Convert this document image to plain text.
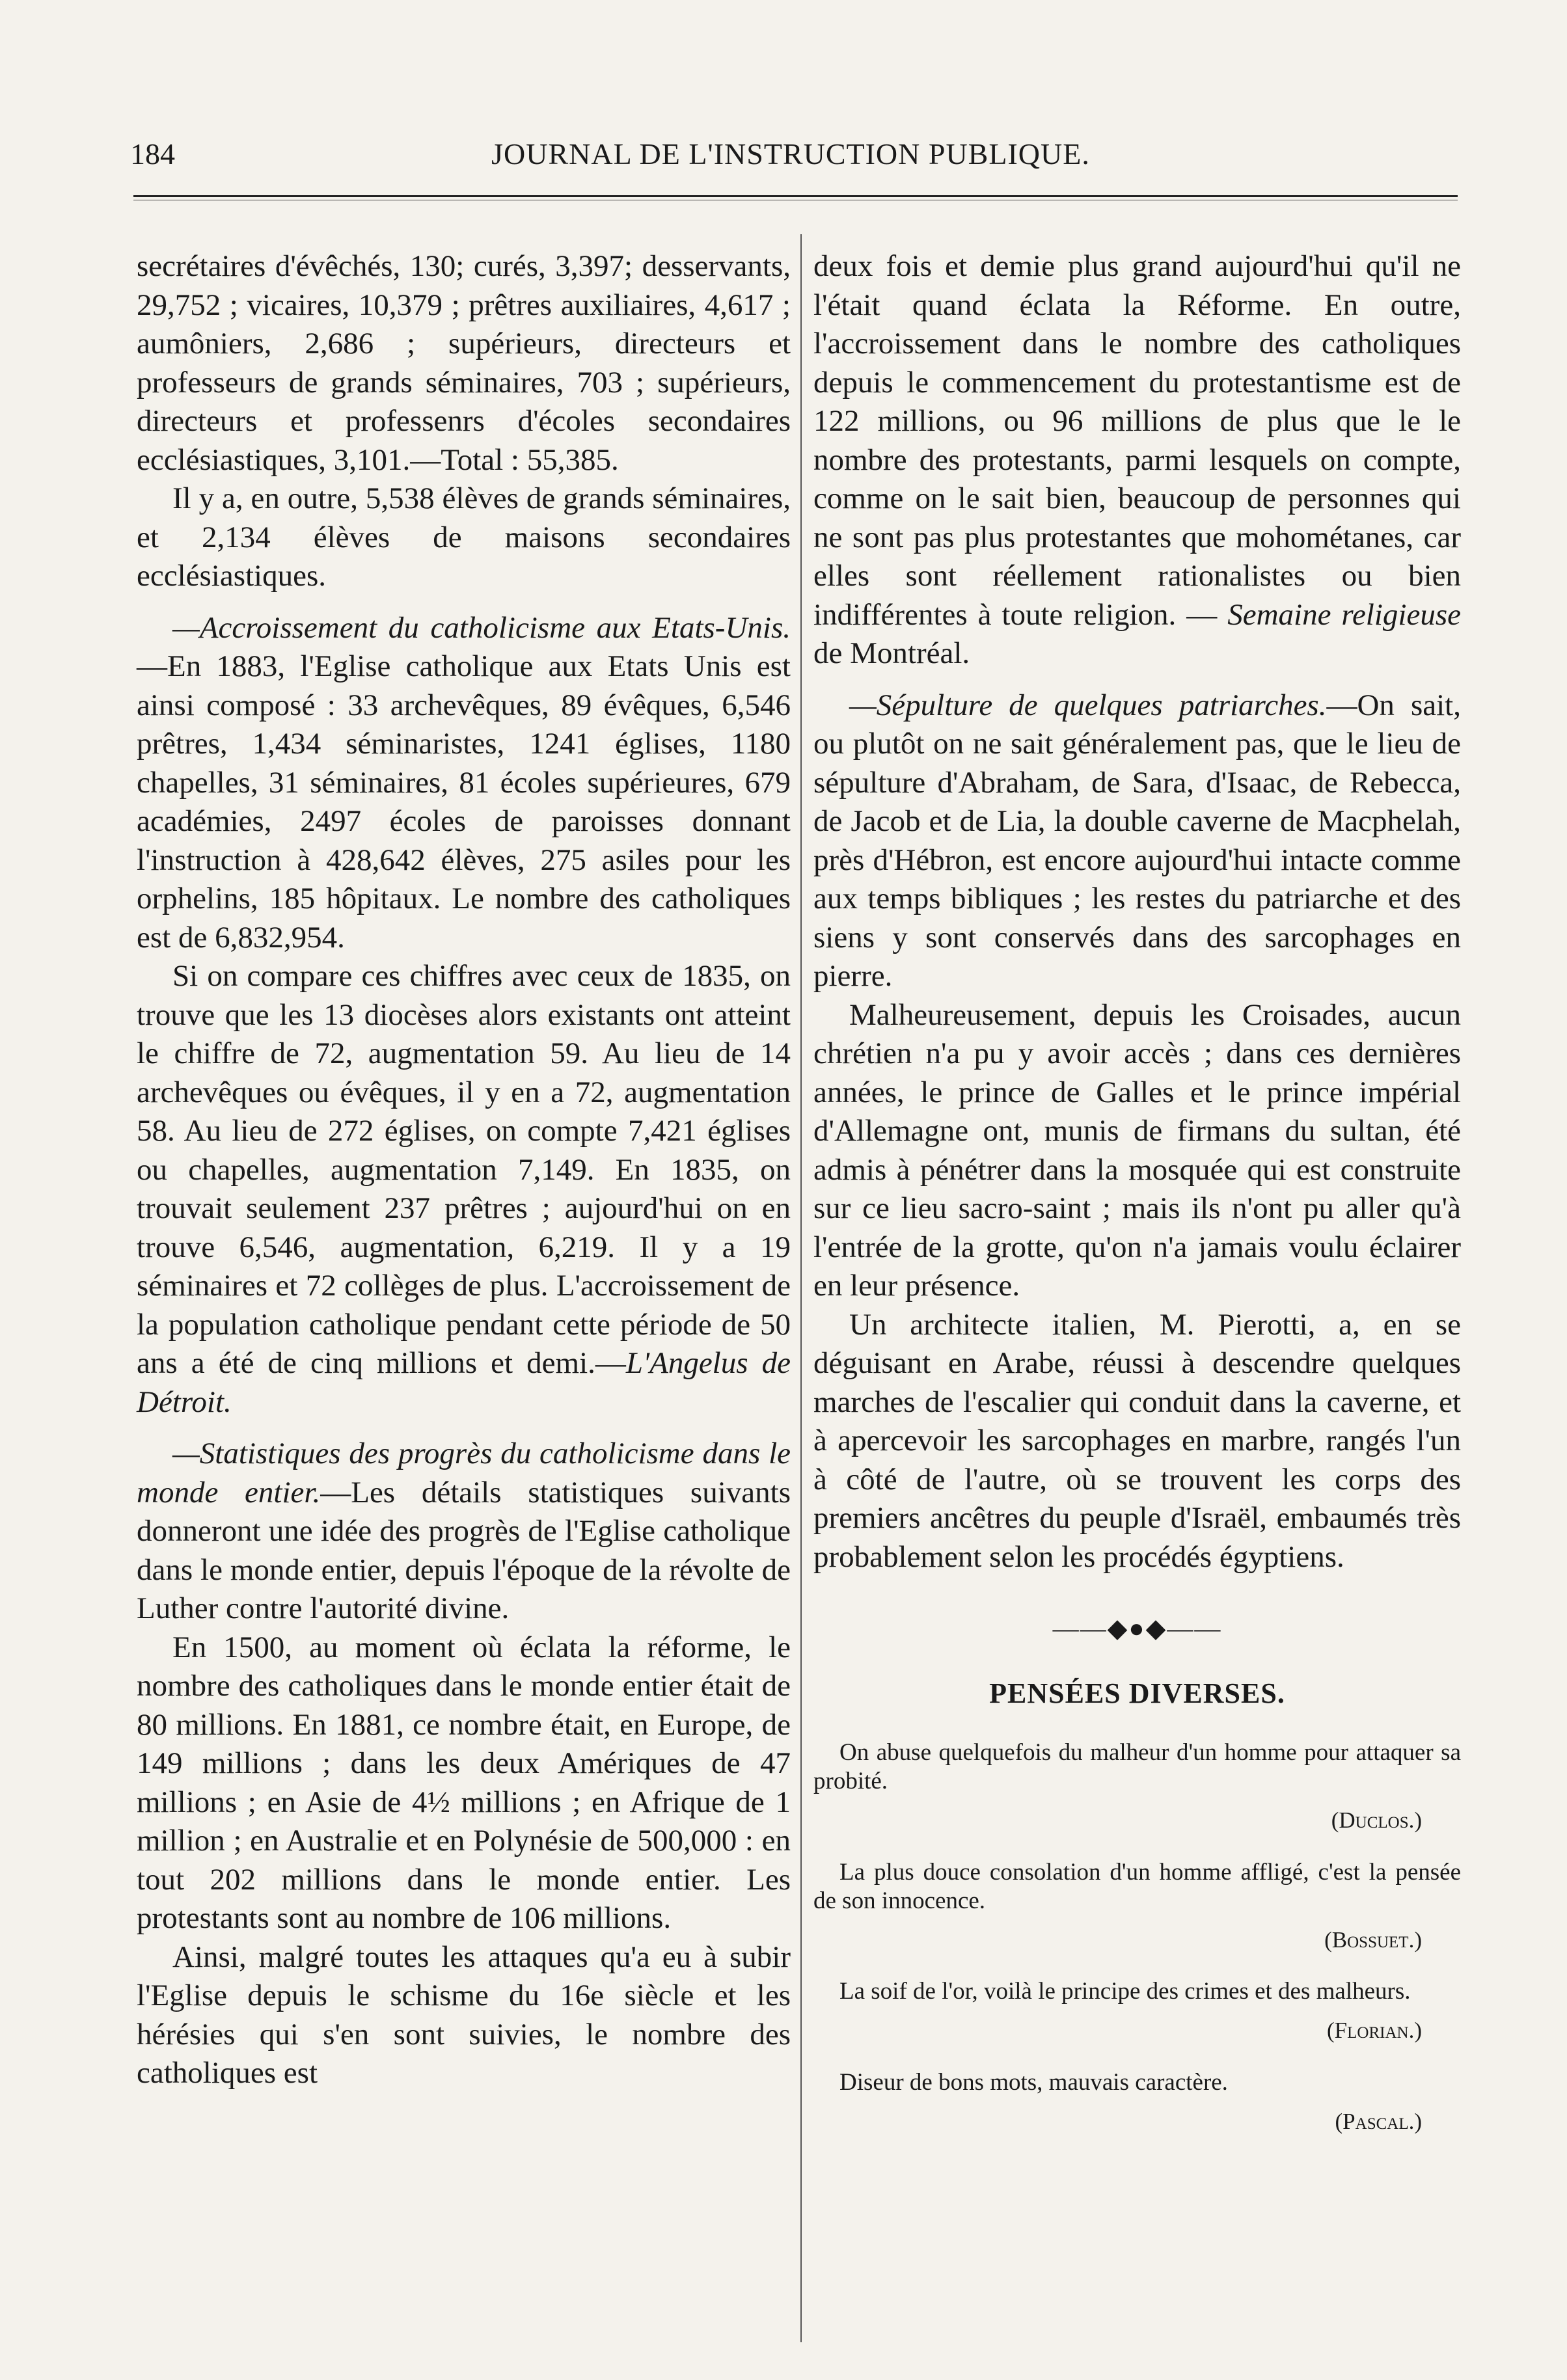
184	JOURNAL DE L'INSTRUCTION PUBLIQUE.

secrétaires d'évêchés, 130; curés, 3,397; desservants, 29,752 ; vicaires, 10,379 ; prêtres auxiliaires, 4,617 ; aumôniers, 2,686 ; supérieurs, directeurs et professeurs de grands séminaires, 703 ; supérieurs, directeurs et professenrs d'écoles secondaires ecclésiastiques, 3,101.—Total : 55,385.

Il y a, en outre, 5,538 élèves de grands séminaires, et 2,134 élèves de maisons secondaires ecclésiastiques.

—Accroissement du catholicisme aux Etats-Unis.—En 1883, l'Eglise catholique aux Etats Unis est ainsi composé : 33 archevêques, 89 évêques, 6,546 prêtres, 1,434 séminaristes, 1241 églises, 1180 chapelles, 31 séminaires, 81 écoles supérieures, 679 académies, 2497 écoles de paroisses donnant l'instruction à 428,642 élèves, 275 asiles pour les orphelins, 185 hôpitaux. Le nombre des catholiques est de 6,832,954.

Si on compare ces chiffres avec ceux de 1835, on trouve que les 13 diocèses alors existants ont atteint le chiffre de 72, augmentation 59. Au lieu de 14 archevêques ou évêques, il y en a 72, augmentation 58. Au lieu de 272 églises, on compte 7,421 églises ou chapelles, augmentation 7,149. En 1835, on trouvait seulement 237 prêtres ; aujourd'hui on en trouve 6,546, augmentation, 6,219. Il y a 19 séminaires et 72 collèges de plus. L'accroissement de la population catholique pendant cette période de 50 ans a été de cinq millions et demi.—L'Angelus de Détroit.

—Statistiques des progrès du catholicisme dans le monde entier.—Les détails statistiques suivants donneront une idée des progrès de l'Eglise catholique dans le monde entier, depuis l'époque de la révolte de Luther contre l'autorité divine.

En 1500, au moment où éclata la réforme, le nombre des catholiques dans le monde entier était de 80 millions. En 1881, ce nombre était, en Europe, de 149 millions ; dans les deux Amériques de 47 millions ; en Asie de 4½ millions ; en Afrique de 1 million ; en Australie et en Polynésie de 500,000 : en tout 202 millions dans le monde entier. Les protestants sont au nombre de 106 millions.

Ainsi, malgré toutes les attaques qu'a eu à subir l'Eglise depuis le schisme du 16e siècle et les hérésies qui s'en sont suivies, le nombre des catholiques est

deux fois et demie plus grand aujourd'hui qu'il ne l'était quand éclata la Réforme. En outre, l'accroissement dans le nombre des catholiques depuis le commencement du protestantisme est de 122 millions, ou 96 millions de plus que le le nombre des protestants, parmi lesquels on compte, comme on le sait bien, beaucoup de personnes qui ne sont pas plus protestantes que mohométanes, car elles sont réellement rationalistes ou bien indifférentes à toute religion. — Semaine religieuse de Montréal.

—Sépulture de quelques patriarches.—On sait, ou plutôt on ne sait généralement pas, que le lieu de sépulture d'Abraham, de Sara, d'Isaac, de Rebecca, de Jacob et de Lia, la double caverne de Macphelah, près d'Hébron, est encore aujourd'hui intacte comme aux temps bibliques ; les restes du patriarche et des siens y sont conservés dans des sarcophages en pierre.

Malheureusement, depuis les Croisades, aucun chrétien n'a pu y avoir accès ; dans ces dernières années, le prince de Galles et le prince impérial d'Allemagne ont, munis de firmans du sultan, été admis à pénétrer dans la mosquée qui est construite sur ce lieu sacro-saint ; mais ils n'ont pu aller qu'à l'entrée de la grotte, qu'on n'a jamais voulu éclairer en leur présence.

Un architecte italien, M. Pierotti, a, en se déguisant en Arabe, réussi à descendre quelques marches de l'escalier qui conduit dans la caverne, et à apercevoir les sarcophages en marbre, rangés l'un à côté de l'autre, où se trouvent les corps des premiers ancêtres du peuple d'Israël, embaumés très probablement selon les procédés égyptiens.

——◆●◆——
PENSÉES DIVERSES.

On abuse quelquefois du malheur d'un homme pour attaquer sa probité.

(Duclos.)

La plus douce consolation d'un homme affligé, c'est la pensée de son innocence.

(Bossuet.)

La soif de l'or, voilà le principe des crimes et des malheurs.

(Florian.)

Diseur de bons mots, mauvais caractère.

(Pascal.)
